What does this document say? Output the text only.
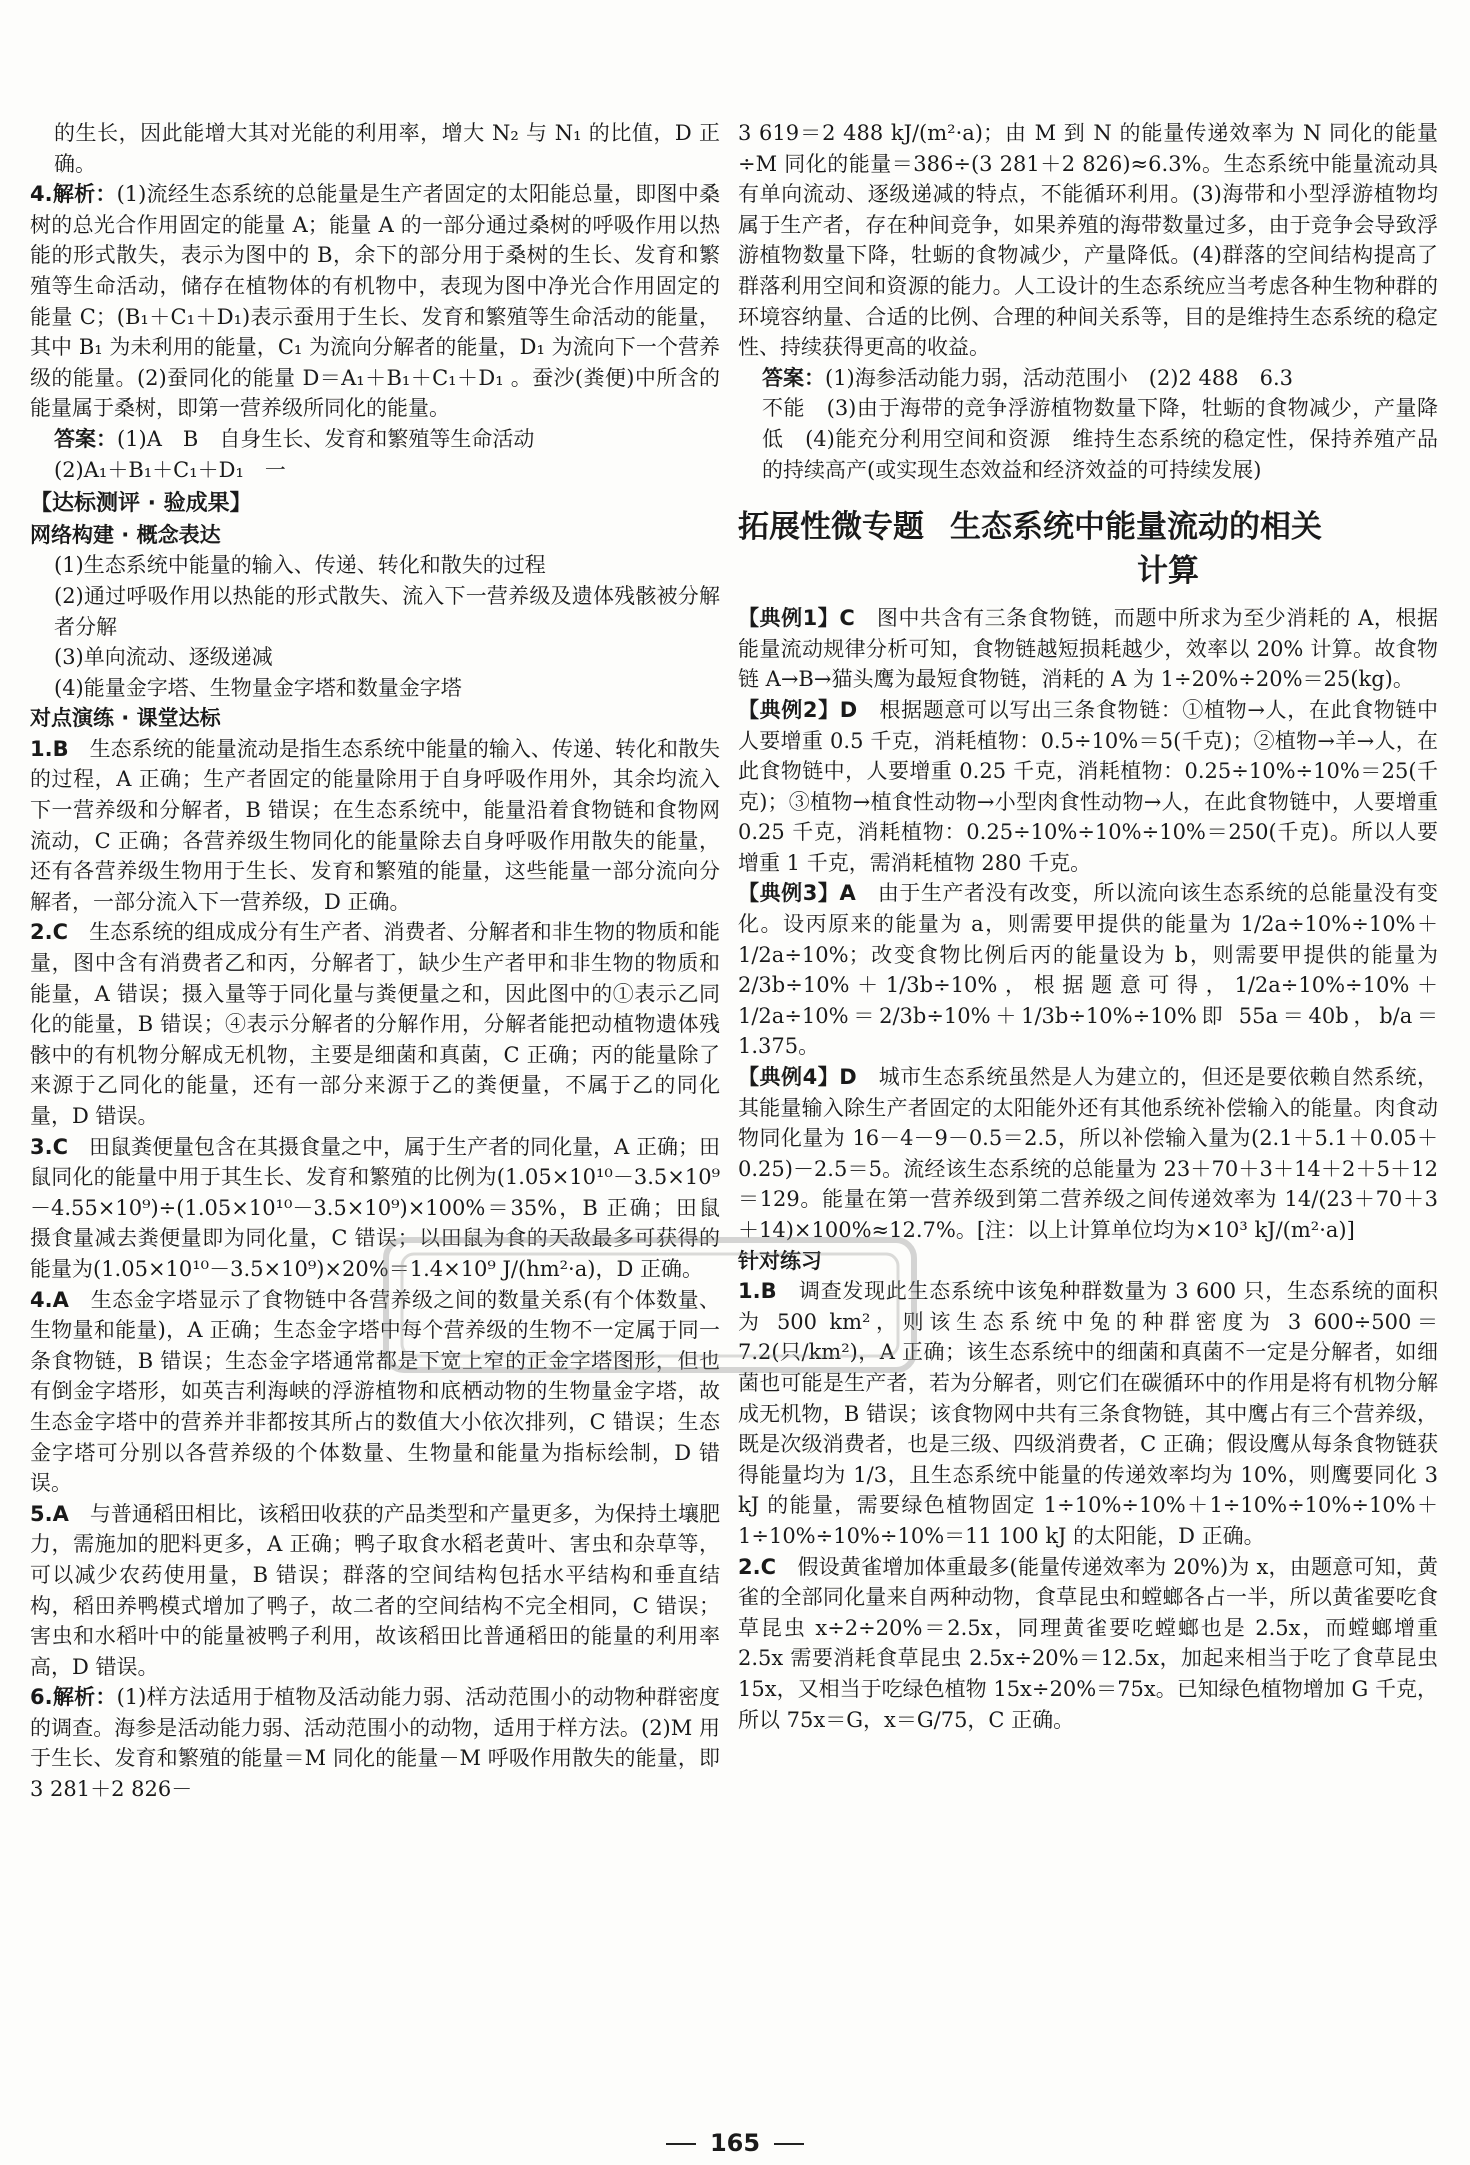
的生长，因此能增大其对光能的利用率，增大 N₂ 与 N₁ 的比值，D 正确。

4.解析：(1)流经生态系统的总能量是生产者固定的太阳能总量，即图中桑树的总光合作用固定的能量 A；能量 A 的一部分通过桑树的呼吸作用以热能的形式散失，表示为图中的 B，余下的部分用于桑树的生长、发育和繁殖等生命活动，储存在植物体的有机物中，表现为图中净光合作用固定的能量 C；(B₁＋C₁＋D₁)表示蚕用于生长、发育和繁殖等生命活动的能量，其中 B₁ 为未利用的能量，C₁ 为流向分解者的能量，D₁ 为流向下一个营养级的能量。(2)蚕同化的能量 D＝A₁＋B₁＋C₁＋D₁ 。蚕沙(粪便)中所含的能量属于桑树，即第一营养级所同化的能量。

答案：(1)A　B　自身生长、发育和繁殖等生命活动

(2)A₁＋B₁＋C₁＋D₁　一

【达标测评 · 验成果】

网络构建 · 概念表达

(1)生态系统中能量的输入、传递、转化和散失的过程

(2)通过呼吸作用以热能的形式散失、流入下一营养级及遗体残骸被分解者分解

(3)单向流动、逐级递减

(4)能量金字塔、生物量金字塔和数量金字塔

对点演练 · 课堂达标

1.B　 生态系统的能量流动是指生态系统中能量的输入、传递、转化和散失的过程，A 正确；生产者固定的能量除用于自身呼吸作用外，其余均流入下一营养级和分解者，B 错误；在生态系统中，能量沿着食物链和食物网流动，C 正确；各营养级生物同化的能量除去自身呼吸作用散失的能量，还有各营养级生物用于生长、发育和繁殖的能量，这些能量一部分流向分解者，一部分流入下一营养级，D 正确。

2.C　 生态系统的组成成分有生产者、消费者、分解者和非生物的物质和能量，图中含有消费者乙和丙，分解者丁，缺少生产者甲和非生物的物质和能量，A 错误；摄入量等于同化量与粪便量之和，因此图中的①表示乙同化的能量，B 错误；④表示分解者的分解作用，分解者能把动植物遗体残骸中的有机物分解成无机物，主要是细菌和真菌，C 正确；丙的能量除了来源于乙同化的能量，还有一部分来源于乙的粪便量，不属于乙的同化量，D 错误。

3.C　 田鼠粪便量包含在其摄食量之中，属于生产者的同化量，A 正确；田鼠同化的能量中用于其生长、发育和繁殖的比例为(1.05×10¹⁰－3.5×10⁹－4.55×10⁹)÷(1.05×10¹⁰－3.5×10⁹)×100%＝35%，B 正确；田鼠摄食量减去粪便量即为同化量，C 错误；以田鼠为食的天敌最多可获得的能量为(1.05×10¹⁰－3.5×10⁹)×20%＝1.4×10⁹ J/(hm²·a)，D 正确。

4.A　 生态金字塔显示了食物链中各营养级之间的数量关系(有个体数量、生物量和能量)，A 正确；生态金字塔中每个营养级的生物不一定属于同一条食物链，B 错误；生态金字塔通常都是下宽上窄的正金字塔图形，但也有倒金字塔形，如英吉利海峡的浮游植物和底栖动物的生物量金字塔，故生态金字塔中的营养并非都按其所占的数值大小依次排列，C 错误；生态金字塔可分别以各营养级的个体数量、生物量和能量为指标绘制，D 错误。

5.A　 与普通稻田相比，该稻田收获的产品类型和产量更多，为保持土壤肥力，需施加的肥料更多，A 正确；鸭子取食水稻老黄叶、害虫和杂草等，可以减少农药使用量，B 错误；群落的空间结构包括水平结构和垂直结构，稻田养鸭模式增加了鸭子，故二者的空间结构不完全相同，C 错误；害虫和水稻叶中的能量被鸭子利用，故该稻田比普通稻田的能量的利用率高，D 错误。

6.解析：(1)样方法适用于植物及活动能力弱、活动范围小的动物种群密度的调查。海参是活动能力弱、活动范围小的动物，适用于样方法。(2)M 用于生长、发育和繁殖的能量＝M 同化的能量－M 呼吸作用散失的能量，即 3 281＋2 826－

3 619＝2 488 kJ/(m²·a)；由 M 到 N 的能量传递效率为 N 同化的能量÷M 同化的能量＝386÷(3 281＋2 826)≈6.3%。生态系统中能量流动具有单向流动、逐级递减的特点，不能循环利用。(3)海带和小型浮游植物均属于生产者，存在种间竞争，如果养殖的海带数量过多，由于竞争会导致浮游植物数量下降，牡蛎的食物减少，产量降低。(4)群落的空间结构提高了群落利用空间和资源的能力。人工设计的生态系统应当考虑各种生物种群的环境容纳量、合适的比例、合理的种间关系等，目的是维持生态系统的稳定性、持续获得更高的收益。

答案：(1)海参活动能力弱，活动范围小　(2)2 488　6.3

不能　(3)由于海带的竞争浮游植物数量下降，牡蛎的食物减少，产量降低　(4)能充分利用空间和资源　维持生态系统的稳定性，保持养殖产品的持续高产(或实现生态效益和经济效益的可持续发展)

拓展性微专题 生态系统中能量流动的相关
计算

【典例1】C　 图中共含有三条食物链，而题中所求为至少消耗的 A，根据能量流动规律分析可知，食物链越短损耗越少，效率以 20% 计算。故食物链 A→B→猫头鹰为最短食物链，消耗的 A 为 1÷20%÷20%＝25(kg)。

【典例2】D　 根据题意可以写出三条食物链：①植物→人，在此食物链中人要增重 0.5 千克，消耗植物：0.5÷10%＝5(千克)；②植物→羊→人，在此食物链中，人要增重 0.25 千克，消耗植物：0.25÷10%÷10%＝25(千克)；③植物→植食性动物→小型肉食性动物→人，在此食物链中，人要增重 0.25 千克，消耗植物：0.25÷10%÷10%÷10%＝250(千克)。所以人要增重 1 千克，需消耗植物 280 千克。

【典例3】A　 由于生产者没有改变，所以流向该生态系统的总能量没有变化。设丙原来的能量为 a，则需要甲提供的能量为 1/2a÷10%÷10%＋1/2a÷10%；改变食物比例后丙的能量设为 b，则需要甲提供的能量为 2/3b÷10%＋1/3b÷10%，根据题意可得，1/2a÷10%÷10%＋1/2a÷10%＝2/3b÷10%＋1/3b÷10%÷10%即 55a＝40b，b/a＝1.375。

【典例4】D　 城市生态系统虽然是人为建立的，但还是要依赖自然系统，其能量输入除生产者固定的太阳能外还有其他系统补偿输入的能量。肉食动物同化量为 16－4－9－0.5＝2.5，所以补偿输入量为(2.1＋5.1＋0.05＋0.25)－2.5＝5。流经该生态系统的总能量为 23＋70＋3＋14＋2＋5＋12＝129。能量在第一营养级到第二营养级之间传递效率为 14/(23＋70＋3＋14)×100%≈12.7%。[注：以上计算单位均为×10³ kJ/(m²·a)]

针对练习

1.B　 调查发现此生态系统中该兔种群数量为 3 600 只，生态系统的面积为 500 km²，则该生态系统中兔的种群密度为 3 600÷500＝7.2(只/km²)，A 正确；该生态系统中的细菌和真菌不一定是分解者，如细菌也可能是生产者，若为分解者，则它们在碳循环中的作用是将有机物分解成无机物，B 错误；该食物网中共有三条食物链，其中鹰占有三个营养级，既是次级消费者，也是三级、四级消费者，C 正确；假设鹰从每条食物链获得能量均为 1/3，且生态系统中能量的传递效率均为 10%，则鹰要同化 3 kJ 的能量，需要绿色植物固定 1÷10%÷10%＋1÷10%÷10%÷10%＋1÷10%÷10%÷10%＝11 100 kJ 的太阳能，D 正确。

2.C　 假设黄雀增加体重最多(能量传递效率为 20%)为 x，由题意可知，黄雀的全部同化量来自两种动物，食草昆虫和螳螂各占一半，所以黄雀要吃食草昆虫 x÷2÷20%＝2.5x，同理黄雀要吃螳螂也是 2.5x，而螳螂增重 2.5x 需要消耗食草昆虫 2.5x÷20%＝12.5x，加起来相当于吃了食草昆虫 15x，又相当于吃绿色植物 15x÷20%＝75x。已知绿色植物增加 G 千克，所以 75x＝G，x＝G/75，C 正确。

165
